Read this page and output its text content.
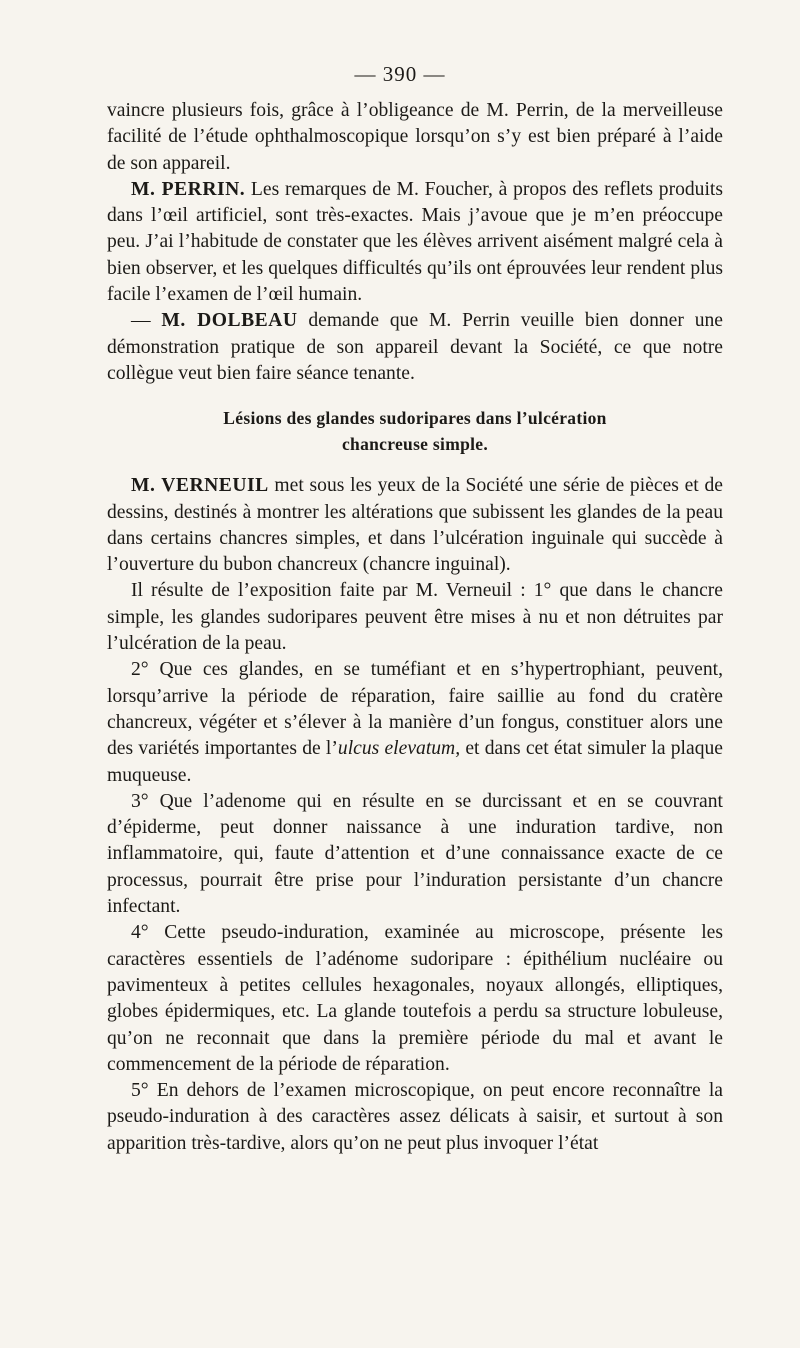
— 390 —

vaincre plusieurs fois, grâce à l’obligeance de M. Perrin, de la merveilleuse facilité de l’étude ophthalmoscopique lorsqu’on s’y est bien préparé à l’aide de son appareil.

M. PERRIN. Les remarques de M. Foucher, à propos des reflets produits dans l’œil artificiel, sont très-exactes. Mais j’avoue que je m’en préoccupe peu. J’ai l’habitude de constater que les élèves arrivent aisément malgré cela à bien observer, et les quelques difficultés qu’ils ont éprouvées leur rendent plus facile l’examen de l’œil humain.

— M. DOLBEAU demande que M. Perrin veuille bien donner une démonstration pratique de son appareil devant la Société, ce que notre collègue veut bien faire séance tenante.

Lésions des glandes sudoripares dans l’ulcération
chancreuse simple.

M. VERNEUIL met sous les yeux de la Société une série de pièces et de dessins, destinés à montrer les altérations que subissent les glandes de la peau dans certains chancres simples, et dans l’ulcération inguinale qui succède à l’ouverture du bubon chancreux (chancre inguinal).

Il résulte de l’exposition faite par M. Verneuil : 1° que dans le chancre simple, les glandes sudoripares peuvent être mises à nu et non détruites par l’ulcération de la peau.

2° Que ces glandes, en se tuméfiant et en s’hypertrophiant, peuvent, lorsqu’arrive la période de réparation, faire saillie au fond du cratère chancreux, végéter et s’élever à la manière d’un fongus, constituer alors une des variétés importantes de l’ulcus elevatum, et dans cet état simuler la plaque muqueuse.

3° Que l’adenome qui en résulte en se durcissant et en se couvrant d’épiderme, peut donner naissance à une induration tardive, non inflammatoire, qui, faute d’attention et d’une connaissance exacte de ce processus, pourrait être prise pour l’induration persistante d’un chancre infectant.

4° Cette pseudo-induration, examinée au microscope, présente les caractères essentiels de l’adénome sudoripare : épithélium nucléaire ou pavimenteux à petites cellules hexagonales, noyaux allongés, elliptiques, globes épidermiques, etc. La glande toutefois a perdu sa structure lobuleuse, qu’on ne reconnait que dans la première période du mal et avant le commencement de la période de réparation.

5° En dehors de l’examen microscopique, on peut encore reconnaître la pseudo-induration à des caractères assez délicats à saisir, et surtout à son apparition très-tardive, alors qu’on ne peut plus invoquer l’état
